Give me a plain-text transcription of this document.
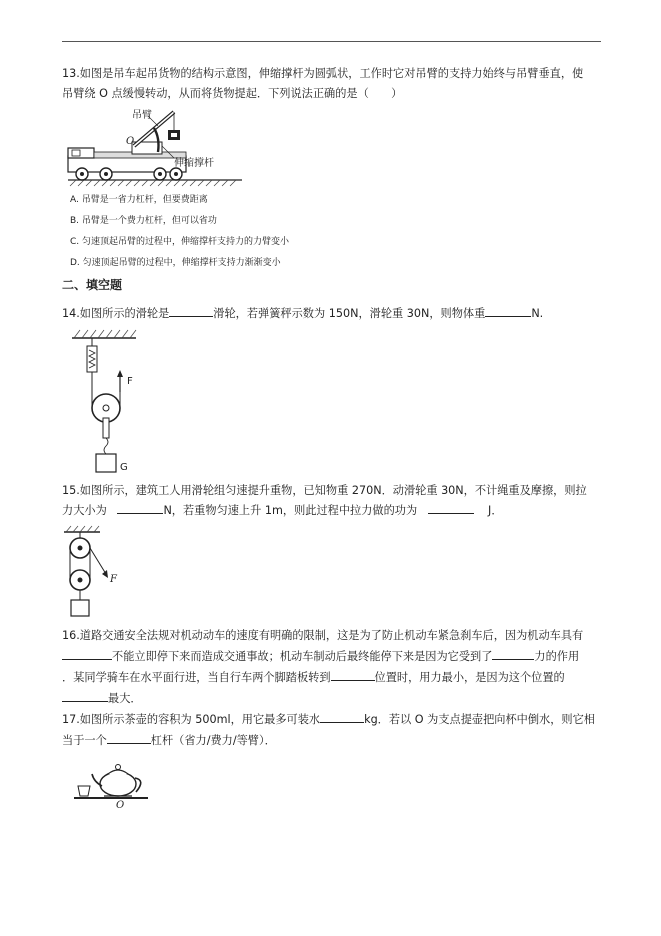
13.如图是吊车起吊货物的结构示意图，伸缩撑杆为圆弧状，工作时它对吊臂的支持力始终与吊臂垂直，使
吊臂绕 O 点缓慢转动，从而将货物提起．下列说法正确的是（　　）
吊臂
伸缩撑杆
O
A. 吊臂是一省力杠杆，但要费距离
B. 吊臂是一个费力杠杆，但可以省功
C. 匀速顶起吊臂的过程中，伸缩撑杆支持力的力臂变小
D. 匀速顶起吊臂的过程中，伸缩撑杆支持力渐渐变小
二、填空题
14.如图所示的滑轮是	滑轮，若弹簧秤示数为 150N，滑轮重 30N，则物体重	N.
F
G
15.如图所示，建筑工人用滑轮组匀速提升重物，已知物重 270N．动滑轮重 30N，不计绳重及摩擦，则拉
力大小为	N，若重物匀速上升 1m，则此过程中拉力做的功为	J．
F
16.道路交通安全法规对机动动车的速度有明确的限制，这是为了防止机动车紧急刹车后，因为机动车具有
不能立即停下来而造成交通事故；机动车制动后最终能停下来是因为它受到了	力的作用
．某同学骑车在水平面行进，当自行车两个脚踏板转到	位置时，用力最小，是因为这个位置的
最大．
17.如图所示茶壶的容积为 500ml，用它最多可装水	kg．若以 O 为支点提壶把向杯中倒水，则它相
当于一个	杠杆（省力/费力/等臂）．
O
